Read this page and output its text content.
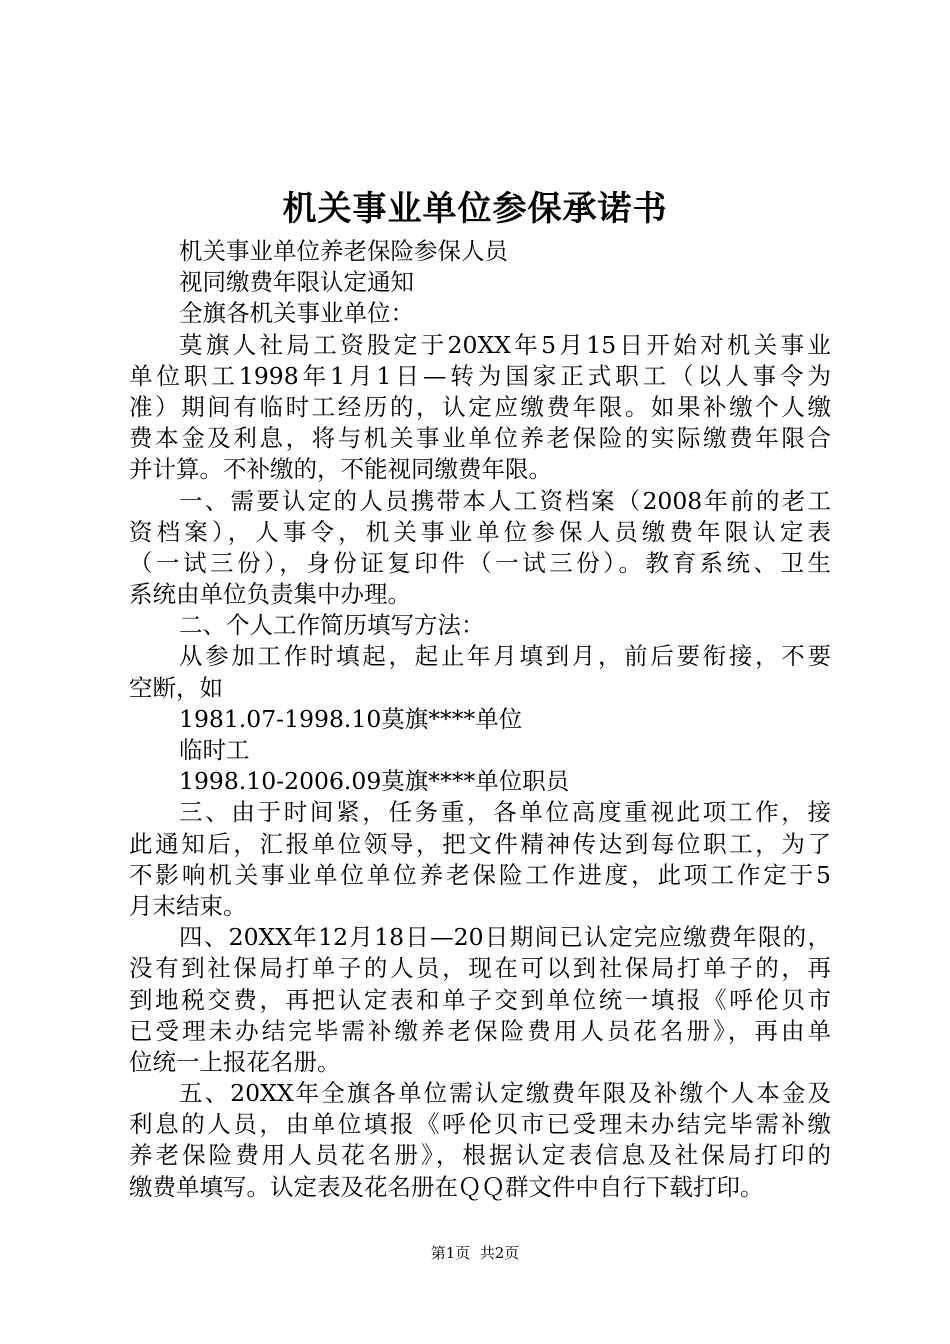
机关事业单位参保承诺书
机关事业单位养老保险参保人员
视同缴费年限认定通知
全旗各机关事业单位：
莫旗人社局工资股定于20XX年5月15日开始对机关事业
单位职工1998年1月1日—转为国家正式职工（以人事令为
准）期间有临时工经历的，认定应缴费年限。如果补缴个人缴
费本金及利息，将与机关事业单位养老保险的实际缴费年限合
并计算。不补缴的，不能视同缴费年限。
一、需要认定的人员携带本人工资档案（2008年前的老工
资档案），人事令，机关事业单位参保人员缴费年限认定表
（一试三份），身份证复印件（一试三份）。教育系统、卫生
系统由单位负责集中办理。
二、个人工作简历填写方法：
从参加工作时填起，起止年月填到月，前后要衔接，不要
空断，如
1981.07-1998.10莫旗****单位
临时工
1998.10-2006.09莫旗****单位职员
三、由于时间紧，任务重，各单位高度重视此项工作，接
此通知后，汇报单位领导，把文件精神传达到每位职工，为了
不影响机关事业单位单位养老保险工作进度，此项工作定于5
月末结束。
四、20XX年12月18日—20日期间已认定完应缴费年限的，
没有到社保局打单子的人员，现在可以到社保局打单子的，再
到地税交费，再把认定表和单子交到单位统一填报《呼伦贝市
已受理未办结完毕需补缴养老保险费用人员花名册》，再由单
位统一上报花名册。
五、20XX年全旗各单位需认定缴费年限及补缴个人本金及
利息的人员，由单位填报《呼伦贝市已受理未办结完毕需补缴
养老保险费用人员花名册》，根据认定表信息及社保局打印的
缴费单填写。认定表及花名册在ＱＱ群文件中自行下载打印。
第1页  共2页
